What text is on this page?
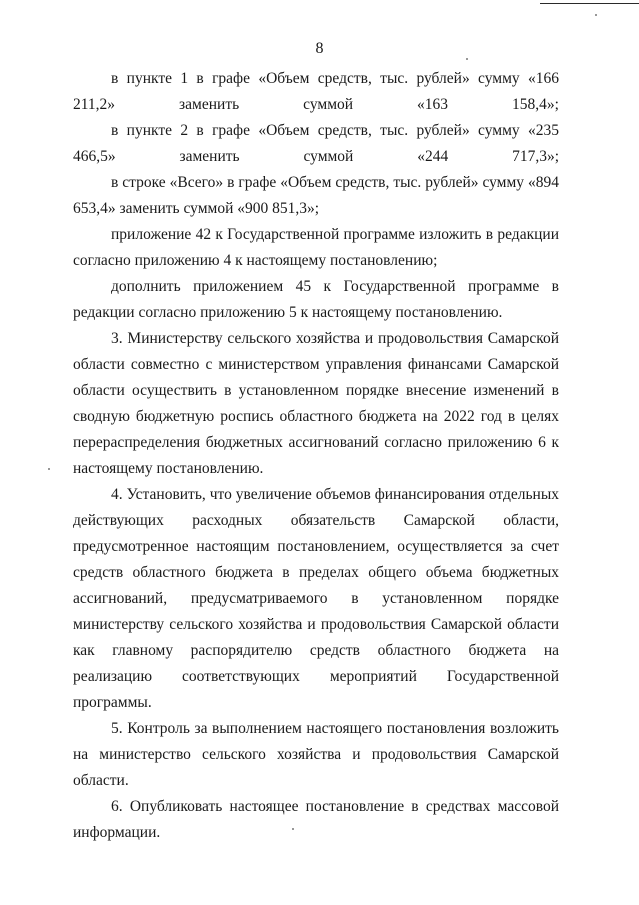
8

в пункте 1 в графе «Объем средств, тыс. рублей» сумму «166 211,2» заменить суммой «163 158,4»;

в пункте 2 в графе «Объем средств, тыс. рублей» сумму «235 466,5» заменить суммой «244 717,3»;

в строке «Всего» в графе «Объем средств, тыс. рублей» сумму «894 653,4» заменить суммой «900 851,3»;

приложение 42 к Государственной программе изложить в редакции согласно приложению 4 к настоящему постановлению;

дополнить приложением 45 к Государственной программе в редакции согласно приложению 5 к настоящему постановлению.

3. Министерству сельского хозяйства и продовольствия Самарской области совместно с министерством управления финансами Самарской области осуществить в установленном порядке внесение изменений в сводную бюджетную роспись областного бюджета на 2022 год в целях перераспределения бюджетных ассигнований согласно приложению 6 к настоящему постановлению.

4. Установить, что увеличение объемов финансирования отдельных действующих расходных обязательств Самарской области, предусмотренное настоящим постановлением, осуществляется за счет средств областного бюджета в пределах общего объема бюджетных ассигнований, предусматриваемого в установленном порядке министерству сельского хозяйства и продовольствия Самарской области как главному распорядителю средств областного бюджета на реализацию соответствующих мероприятий Государственной программы.

5. Контроль за выполнением настоящего постановления возложить на министерство сельского хозяйства и продовольствия Самарской области.

6. Опубликовать настоящее постановление в средствах массовой информации.
